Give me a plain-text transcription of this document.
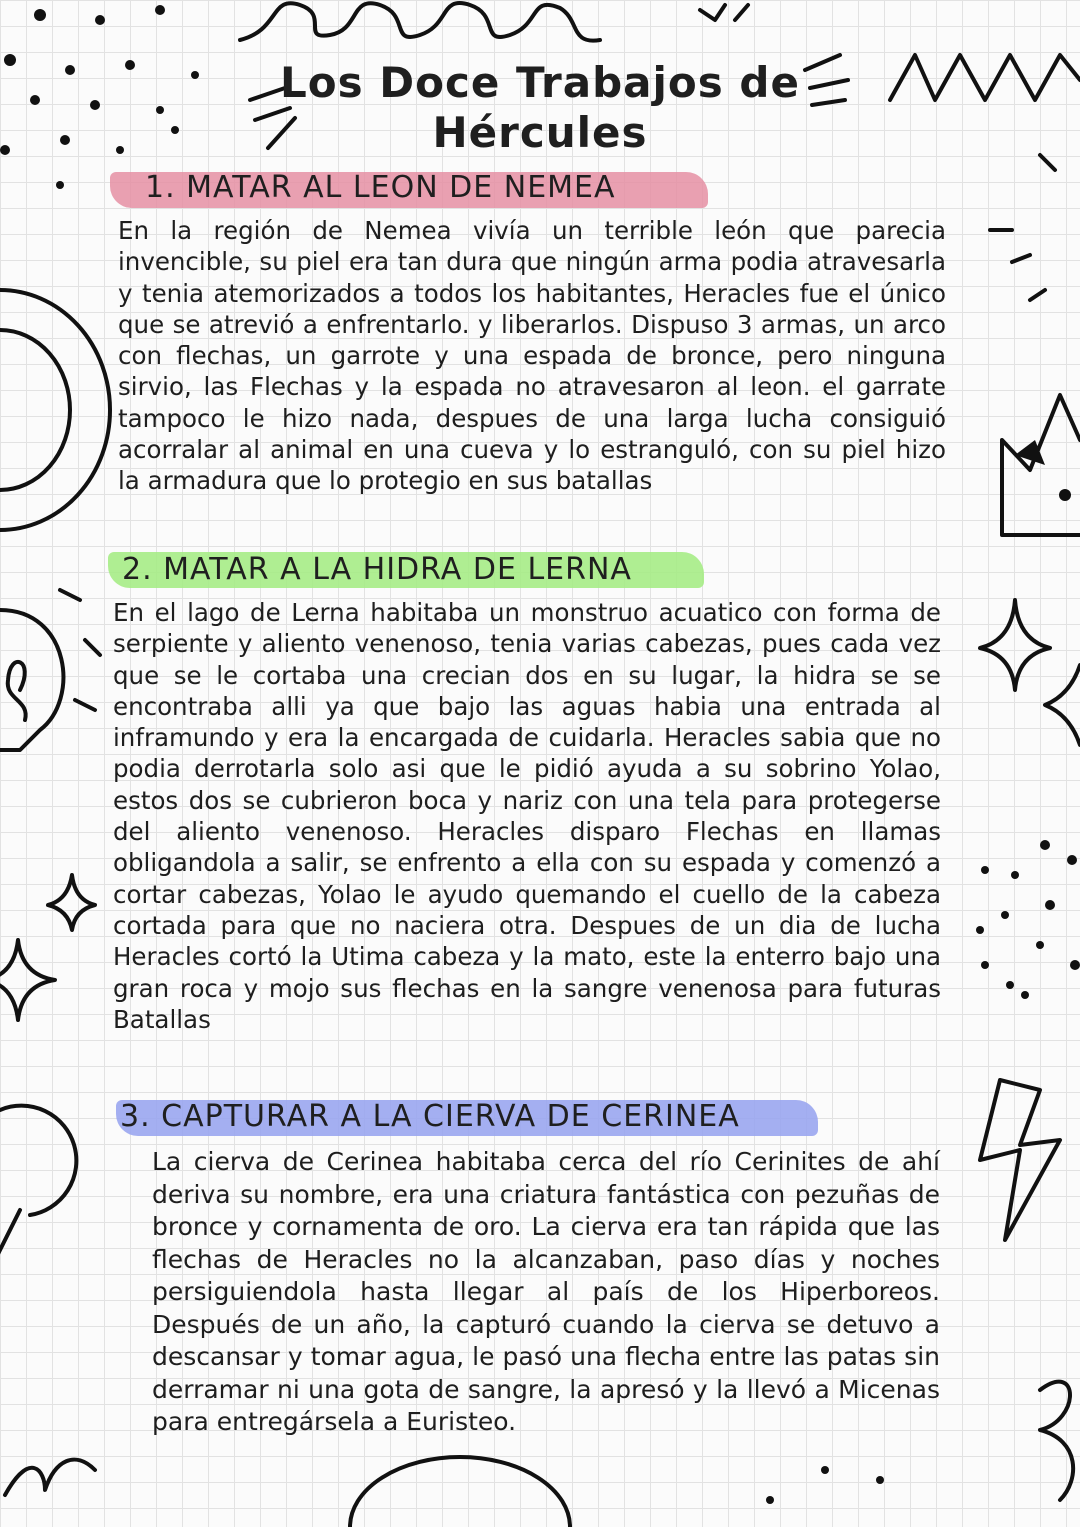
Los Doce Trabajos de
Hércules
1. MATAR AL LEON DE NEMEA
En la región de Nemea vivía un terrible león que parecia invencible, su piel era tan dura que ningún arma podia atravesarla y tenia atemorizados a todos los habitantes, Heracles fue el único que se atrevió a enfrentarlo. y liberarlos. Dispuso 3 armas, un arco con flechas, un garrote y una espada de bronce, pero ninguna sirvio, las Flechas y la espada no atravesaron al leon. el garrate tampoco le hizo nada, despues de una larga lucha consiguió acorralar al animal en una cueva y lo estranguló, con su piel hizo la armadura que lo protegio en sus batallas
2. MATAR A LA HIDRA DE LERNA
En el lago de Lerna habitaba un monstruo acuatico con forma de serpiente y aliento venenoso, tenia varias cabezas, pues cada vez que se le cortaba una crecian dos en su lugar, la hidra se se encontraba alli ya que bajo las aguas habia una entrada al inframundo y era la encargada de cuidarla. Heracles sabia que no podia derrotarla solo asi que le pidió ayuda a su sobrino Yolao, estos dos se cubrieron boca y nariz con una tela para protegerse del aliento venenoso. Heracles disparo Flechas en llamas obligandola a salir, se enfrento a ella con su espada y comenzó a cortar cabezas, Yolao le ayudo quemando el cuello de la cabeza cortada para que no naciera otra. Despues de un dia de lucha Heracles cortó la Utima cabeza y la mato, este la enterro bajo una gran roca y mojo sus flechas en la sangre venenosa para futuras Batallas
3. CAPTURAR A LA CIERVA DE CERINEA
La cierva de Cerinea habitaba cerca del río Cerinites de ahí deriva su nombre, era una criatura fantástica con pezuñas de bronce y cornamenta de oro. La cierva era tan rápida que las flechas de Heracles no la alcanzaban, paso días y noches persiguiendola hasta llegar al país de los Hiperboreos. Después de un año, la capturó cuando la cierva se detuvo a descansar y tomar agua, le pasó una flecha entre las patas sin derramar ni una gota de sangre, la apresó y la llevó a Micenas para entregársela a Euristeo.
